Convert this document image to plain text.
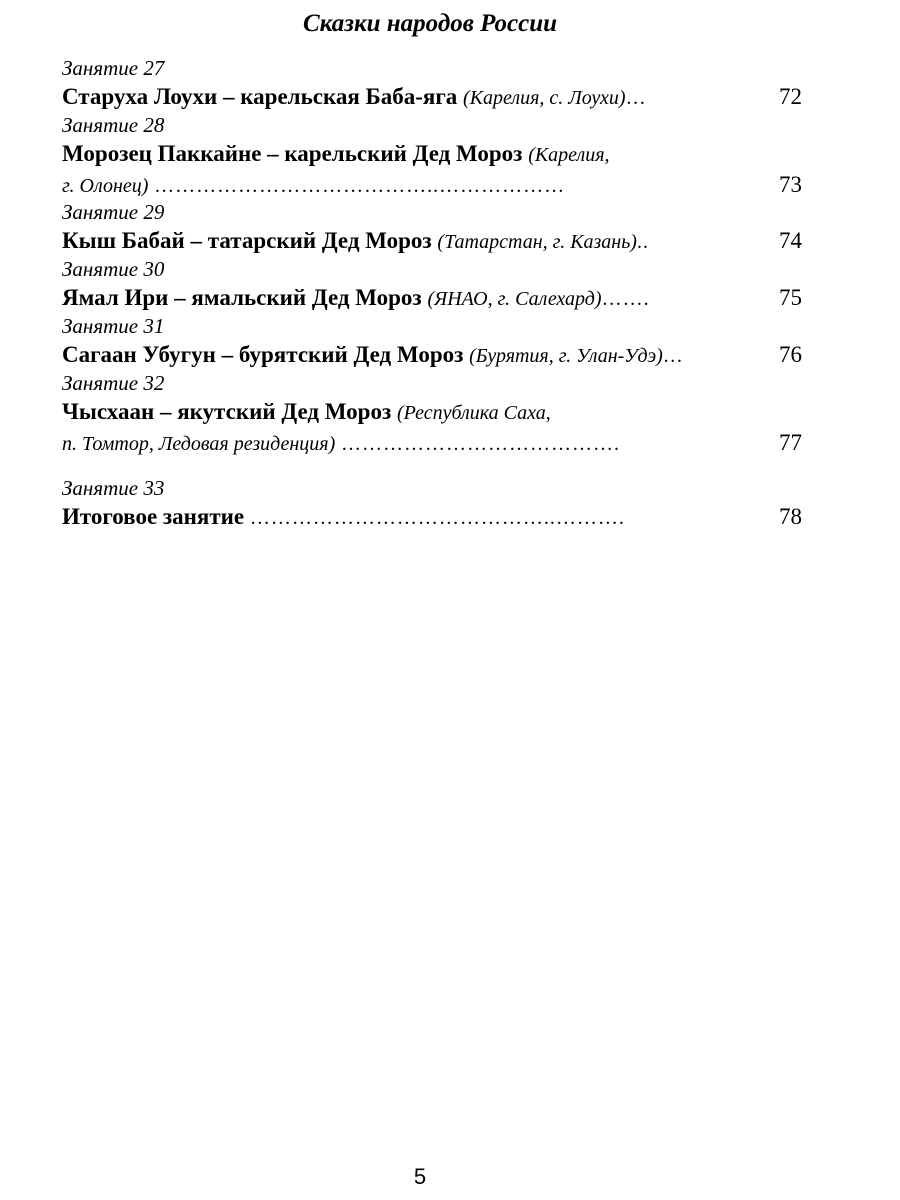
Сказки народов России
Занятие 27
Старуха Лоухи – карельская Баба-яга (Карелия, с. Лоухи)…	72
Занятие 28
Морозец Паккайне – карельский Дед Мороз (Карелия,
г. Олонец) …………………………………..………………	73
Занятие 29
Кыш Бабай – татарский Дед Мороз (Татарстан, г. Казань)..	74
Занятие 30
Ямал Ири – ямальский Дед Мороз (ЯНАО, г. Салехард)…….	75
Занятие 31
Сагаан Убугун – бурятский Дед Мороз (Бурятия, г. Улан-Удэ)…	76
Занятие 32
Чысхаан – якутский Дед Мороз (Республика Саха,
п. Томтор, Ледовая резиденция) ………………………………….	77
Занятие 33
Итоговое занятие ……………………………………..……….	78
5
